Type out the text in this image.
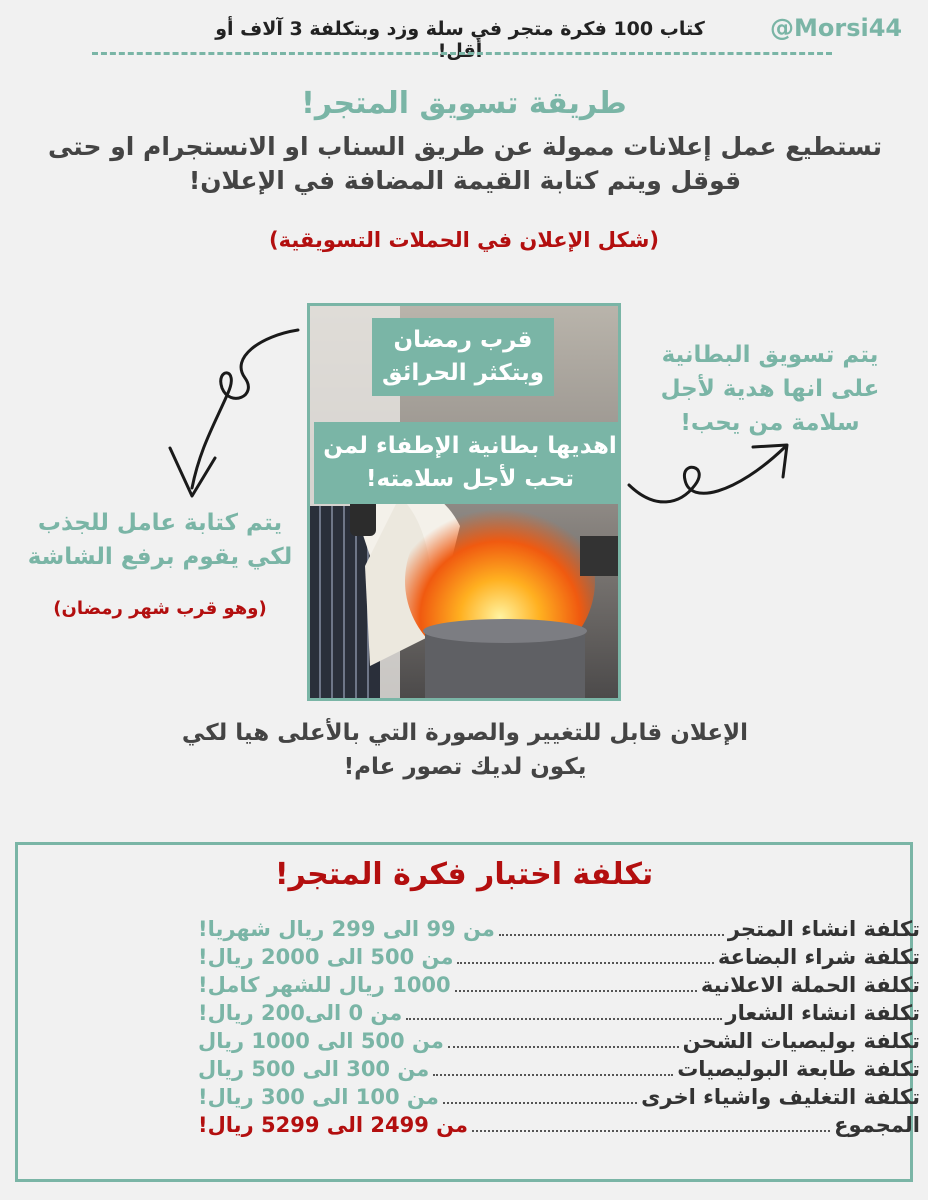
@Morsi44
كتاب 100 فكرة متجر في سلة وزد وبتكلفة 3 آلاف أو أقل!
طريقة تسويق المتجر!
تستطيع عمل إعلانات ممولة عن طريق السناب او الانستجرام او حتى قوقل ويتم كتابة القيمة المضافة في الإعلان!
(شكل الإعلان في الحملات التسويقية)
قرب رمضان وبتكثر الحرائق
اهديها بطانية الإطفاء لمن تحب لأجل سلامته!
يتم تسويق البطانية على انها هدية لأجل سلامة من يحب!
يتم كتابة عامل للجذب لكي يقوم برفع الشاشة
(وهو قرب شهر رمضان)
الإعلان قابل للتغيير والصورة التي بالأعلى هيا لكي يكون لديك تصور عام!
تكلفة اختبار فكرة المتجر!
تكلفة انشاء المتجر
من 99 الى 299 ريال شهريا!
تكلفة شراء البضاعة
من 500 الى 2000 ريال!
تكلفة الحملة الاعلانية
1000 ريال للشهر كامل!
تكلفة انشاء الشعار
من 0 الى200 ريال!
تكلفة بوليصيات الشحن
من 500 الى 1000 ريال
تكلفة طابعة البوليصيات
من 300 الى 500 ريال
تكلفة التغليف واشياء اخرى
من 100 الى 300 ريال!
المجموع
من 2499 الى 5299 ريال!
